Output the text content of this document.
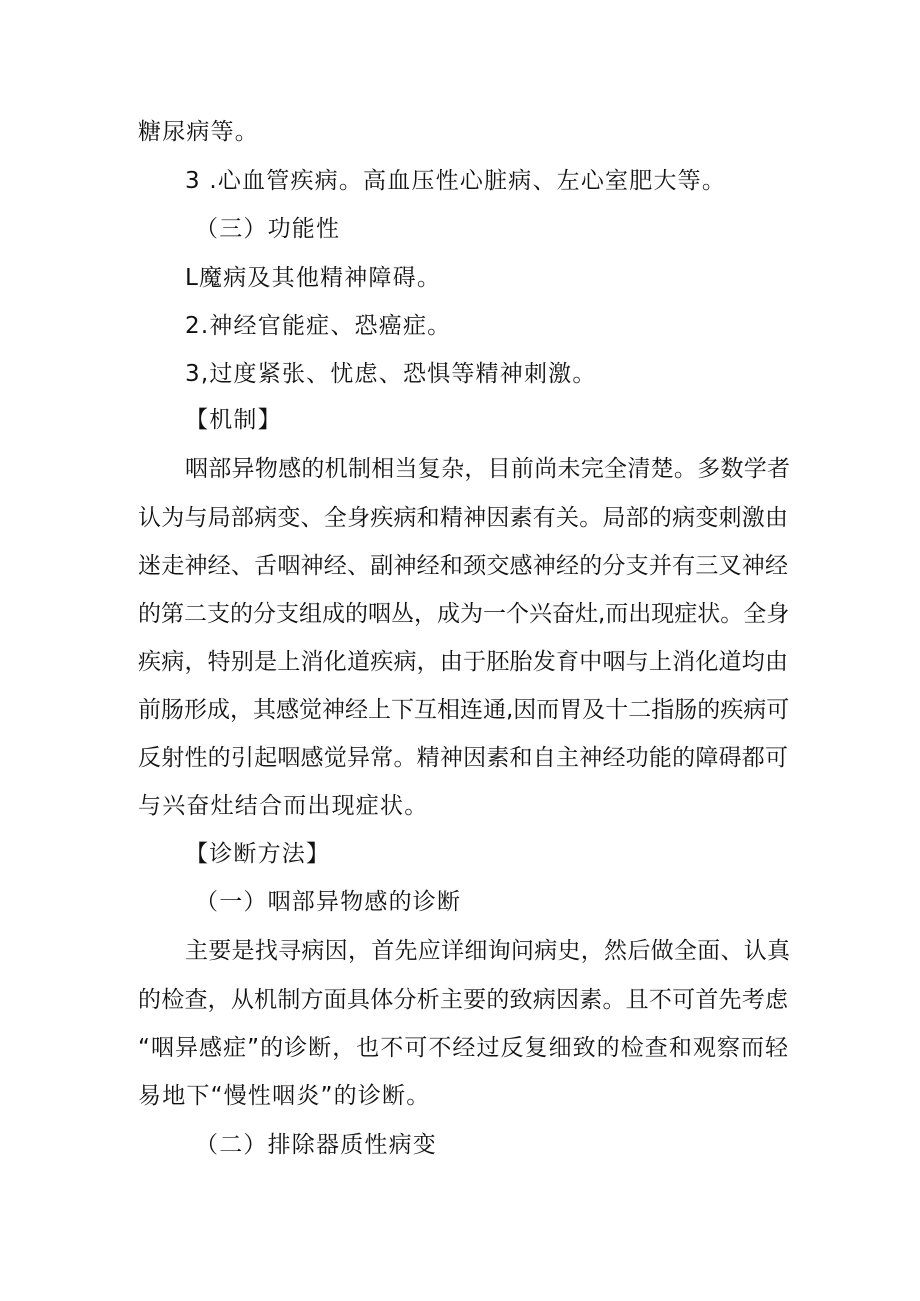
糖尿病等。
3 .心血管疾病。高血压性心脏病、左心室肥大等。
（三）功能性
L魔病及其他精神障碍。
2.神经官能症、恐癌症。
3,过度紧张、忧虑、恐惧等精神刺激。
【机制】
咽部异物感的机制相当复杂，目前尚未完全清楚。多数学者
认为与局部病变、全身疾病和精神因素有关。局部的病变刺激由
迷走神经、舌咽神经、副神经和颈交感神经的分支并有三叉神经
的第二支的分支组成的咽丛，成为一个兴奋灶,而出现症状。全身
疾病，特别是上消化道疾病，由于胚胎发育中咽与上消化道均由
前肠形成，其感觉神经上下互相连通,因而胃及十二指肠的疾病可
反射性的引起咽感觉异常。精神因素和自主神经功能的障碍都可
与兴奋灶结合而出现症状。
【诊断方法】
（一）咽部异物感的诊断
主要是找寻病因，首先应详细询问病史，然后做全面、认真
的检查，从机制方面具体分析主要的致病因素。且不可首先考虑
“咽异感症”的诊断，也不可不经过反复细致的检查和观察而轻
易地下“慢性咽炎”的诊断。
（二）排除器质性病变
